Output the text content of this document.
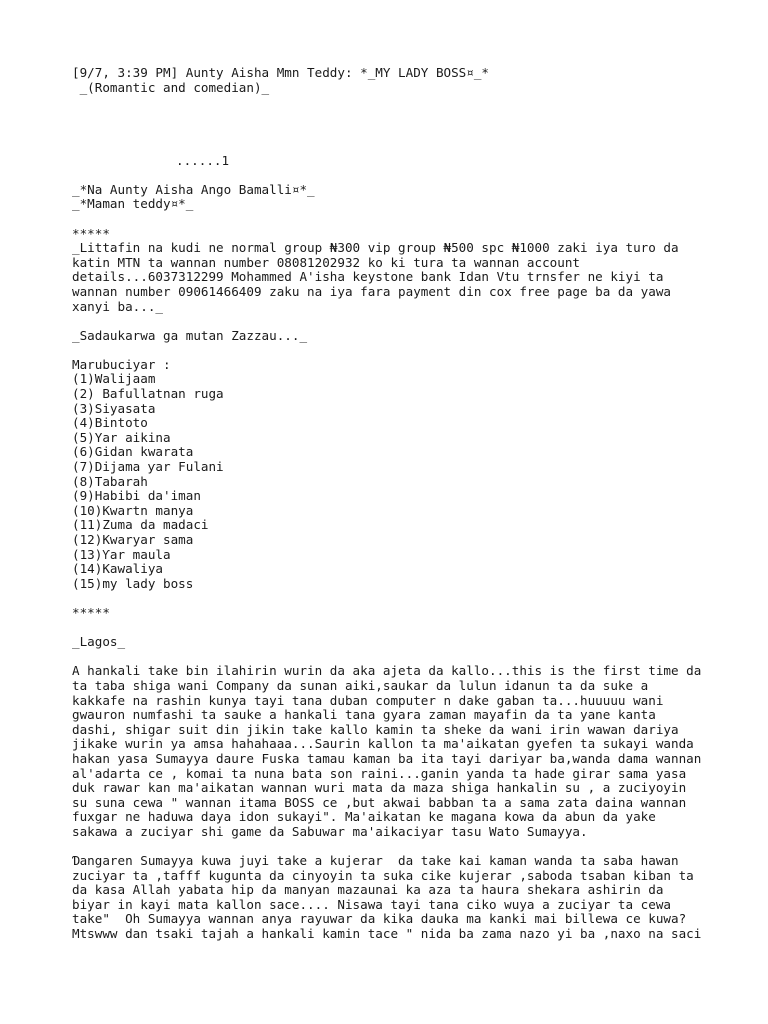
[9/7, 3:39 PM] Aunty Aisha Mmn Teddy: *_MY LADY BOSS¤_*
_(Romantic and comedian)_
......1
_*Na Aunty Aisha Ango Bamalli¤*_
_*Maman teddy¤*_
*****
_Littafin na kudi ne normal group ₦300 vip group ₦500 spc ₦1000 zaki iya turo da
katin MTN ta wannan number 08081202932 ko ki tura ta wannan account
details...6037312299 Mohammed A'isha keystone bank Idan Vtu trnsfer ne kiyi ta
wannan number 09061466409 zaku na iya fara payment din cox free page ba da yawa
xanyi ba..._
_Sadaukarwa ga mutan Zazzau..._
Marubuciyar :
(1)Walijaam
(2) Bafullatnan ruga
(3)Siyasata
(4)Bintoto
(5)Yar aikina
(6)Gidan kwarata
(7)Dijama ƴar Fulani
(8)Tabarah
(9)Habibi da'iman
(10)Kwartn manya
(11)Zuma da madaci
(12)Kwaryar sama
(13)Ƴar maula
(14)Kawaliya
(15)my lady boss
*****
_Lagos_
A hankali take bin ilahirin wurin da aka ajeta da kallo...this is the first time da
ta taba shiga wani Company da sunan aiki,saukar da lulun idanun ta da suke a
kakkafe na rashin kunya tayi tana duban computer n dake gaban ta...huuuuu wani
gwauron numfashi ta sauke a hankali tana gyara zaman mayafin da ta yane kanta
dashi, shigar suit din jikin take kallo kamin ta sheke da wani irin wawan dariya
jikake wurin ya amsa hahahaaa...Saurin kallon ta ma'aikatan gyefen ta sukayi wanda
hakan yasa Sumayya daure Fuska tamau kaman ba ita tayi dariyar ba,wanda dama wannan
al'adarta ce , komai ta nuna bata son raini...ganin yanda ta hade girar sama yasa
duk rawar kan ma'aikatan wannan wuri mata da maza shiga hankalin su , a zuciyoyin
su suna cewa " wannan itama BOSS ce ,but akwai babban ta a sama zata daina wannan
fuxgar ne haduwa daya idon sukayi". Ma'aikatan ke magana kowa da abun da yake
sakawa a zuciyar shi game da Sabuwar ma'aikaciyar tasu Wato Sumayya.
Ɗangaren Sumayya kuwa juyi take a kujerar  da take kai kaman wanda ta saba hawan
zuciyar ta ,tafff kugunta da cinyoyin ta suka cike kujerar ,saboda tsaban kiban ta
da kasa Allah yabata hip da manyan mazaunai ka aza ta haura shekara ashirin da
biyar in kayi mata kallon sace.... Nisawa tayi tana ciko wuya a zuciyar ta cewa
take"  Oh Sumayya wannan anya rayuwar da kika dauka ma kanki mai billewa ce kuwa?
Mtswww dan tsaki tajah a hankali kamin tace " nida ba zama nazo yi ba ,naxo na saci
